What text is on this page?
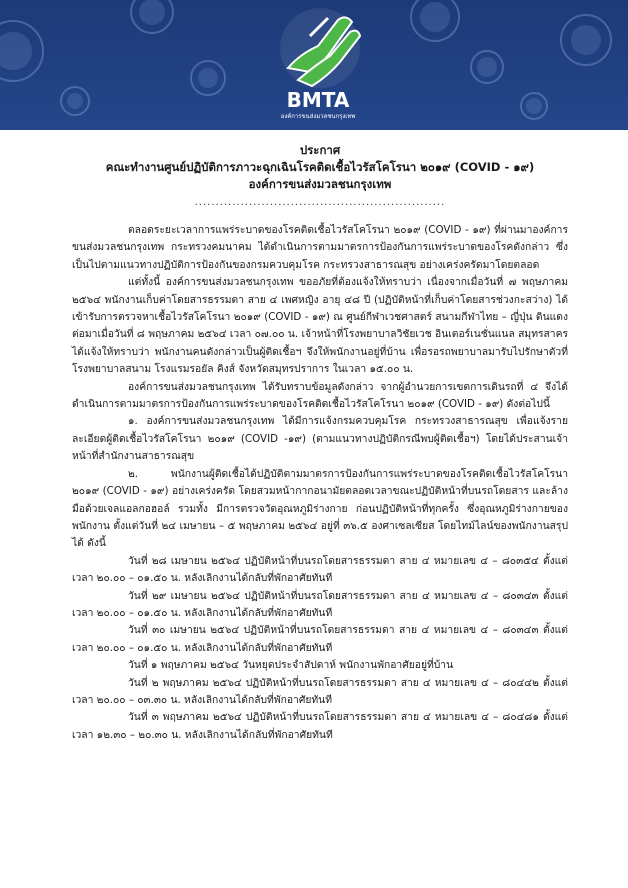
BMTA
องค์การขนส่งมวลชนกรุงเทพ
ประกาศ
คณะทำงานศูนย์ปฏิบัติการภาวะฉุกเฉินโรคติดเชื้อไวรัสโคโรนา ๒๐๑๙ (COVID - ๑๙)
องค์การขนส่งมวลชนกรุงเทพ
............................................................

ตลอดระยะเวลาการแพร่ระบาดของโรคติดเชื้อไวรัสโคโรนา ๒๐๑๙ (COVID - ๑๙) ที่ผ่านมาองค์การขนส่งมวลชนกรุงเทพ กระทรวงคมนาคม ได้ดำเนินการตามมาตรการป้องกันการแพร่ระบาดของโรคดังกล่าว ซึ่งเป็นไปตามแนวทางปฏิบัติการป้องกันของกรมควบคุมโรค กระทรวงสาธารณสุข อย่างเคร่งครัดมาโดยตลอด

แต่ทั้งนี้ องค์การขนส่งมวลชนกรุงเทพ ขออภัยที่ต้องแจ้งให้ทราบว่า เนื่องจากเมื่อวันที่ ๗ พฤษภาคม ๒๕๖๔ พนักงานเก็บค่าโดยสารธรรมดา สาย ๔ เพศหญิง อายุ ๔๘ ปี (ปฏิบัติหน้าที่เก็บค่าโดยสารช่วงกะสว่าง) ได้เข้ารับการตรวจหาเชื้อไวรัสโคโรนา ๒๐๑๙ (COVID - ๑๙) ณ ศูนย์กีฬาเวชศาสตร์ สนามกีฬาไทย – ญี่ปุ่น ดินแดง ต่อมาเมื่อวันที่ ๘ พฤษภาคม ๒๕๖๔ เวลา ๐๗.๐๐ น. เจ้าหน้าที่โรงพยาบาลวิชัยเวช อินเตอร์เนชั่นแนล สมุทรสาคร ได้แจ้งให้ทราบว่า พนักงานคนดังกล่าวเป็นผู้ติดเชื้อฯ จึงให้พนักงานอยู่ที่บ้าน เพื่อรอรถพยาบาลมารับไปรักษาตัวที่ โรงพยาบาลสนาม โรงแรมรอยัล คิงส์ จังหวัดสมุทรปราการ ในเวลา ๑๕.๐๐ น.

องค์การขนส่งมวลชนกรุงเทพ ได้รับทราบข้อมูลดังกล่าว จากผู้อำนวยการเขตการเดินรถที่ ๔ จึงได้ดำเนินการตามมาตรการป้องกันการแพร่ระบาดของโรคติดเชื้อไวรัสโคโรนา ๒๐๑๙ (COVID - ๑๙) ดังต่อไปนี้

๑. องค์การขนส่งมวลชนกรุงเทพ ได้มีการแจ้งกรมควบคุมโรค กระทรวงสาธารณสุข เพื่อแจ้งรายละเอียดผู้ติดเชื้อไวรัสโคโรนา ๒๐๑๙ (COVID -๑๙) (ตามแนวทางปฏิบัติกรณีพบผู้ติดเชื้อฯ) โดยได้ประสานเจ้าหน้าที่สำนักงานสาธารณสุข

๒. พนักงานผู้ติดเชื้อได้ปฏิบัติตามมาตรการป้องกันการแพร่ระบาดของโรคติดเชื้อไวรัสโคโรนา ๒๐๑๙ (COVID - ๑๙) อย่างเคร่งครัด โดยสวมหน้ากากอนามัยตลอดเวลาขณะปฏิบัติหน้าที่บนรถโดยสาร และล้างมือด้วยเจลแอลกอฮอล์ รวมทั้ง มีการตรวจวัดอุณหภูมิร่างกาย ก่อนปฏิบัติหน้าที่ทุกครั้ง ซึ่งอุณหภูมิร่างกายของพนักงาน ตั้งแต่วันที่ ๒๔ เมษายน – ๕ พฤษภาคม ๒๕๖๔ อยู่ที่ ๓๖.๕ องศาเซลเซียส โดยไทม์ไลน์ของพนักงานสรุปได้ ดังนี้

วันที่ ๒๘ เมษายน ๒๕๖๔ ปฏิบัติหน้าที่บนรถโดยสารธรรมดา สาย ๔ หมายเลข ๔ – ๘๐๓๕๔ ตั้งแต่เวลา ๒๐.๐๐ – ๐๑.๕๐ น. หลังเลิกงานได้กลับที่พักอาศัยทันที

วันที่ ๒๙ เมษายน ๒๕๖๔ ปฏิบัติหน้าที่บนรถโดยสารธรรมดา สาย ๔ หมายเลข ๔ – ๘๐๓๔๓ ตั้งแต่เวลา ๒๐.๐๐ – ๐๑.๕๐ น. หลังเลิกงานได้กลับที่พักอาศัยทันที

วันที่ ๓๐ เมษายน ๒๕๖๔ ปฏิบัติหน้าที่บนรถโดยสารธรรมดา สาย ๔ หมายเลข ๔ – ๘๐๓๔๓ ตั้งแต่เวลา ๒๐.๐๐ – ๐๑.๕๐ น. หลังเลิกงานได้กลับที่พักอาศัยทันที

วันที่ ๑ พฤษภาคม ๒๕๖๔ วันหยุดประจำสัปดาห์ พนักงานพักอาศัยอยู่ที่บ้าน

วันที่ ๒ พฤษภาคม ๒๕๖๔ ปฏิบัติหน้าที่บนรถโดยสารธรรมดา สาย ๔ หมายเลข ๔ – ๘๐๔๔๒ ตั้งแต่เวลา ๒๐.๐๐ – ๐๓.๓๐ น. หลังเลิกงานได้กลับที่พักอาศัยทันที

วันที่ ๓ พฤษภาคม ๒๕๖๔ ปฏิบัติหน้าที่บนรถโดยสารธรรมดา สาย ๔ หมายเลข ๔ – ๘๐๔๘๑ ตั้งแต่เวลา ๑๒.๓๐ – ๒๐.๓๐ น. หลังเลิกงานได้กลับที่พักอาศัยทันที
